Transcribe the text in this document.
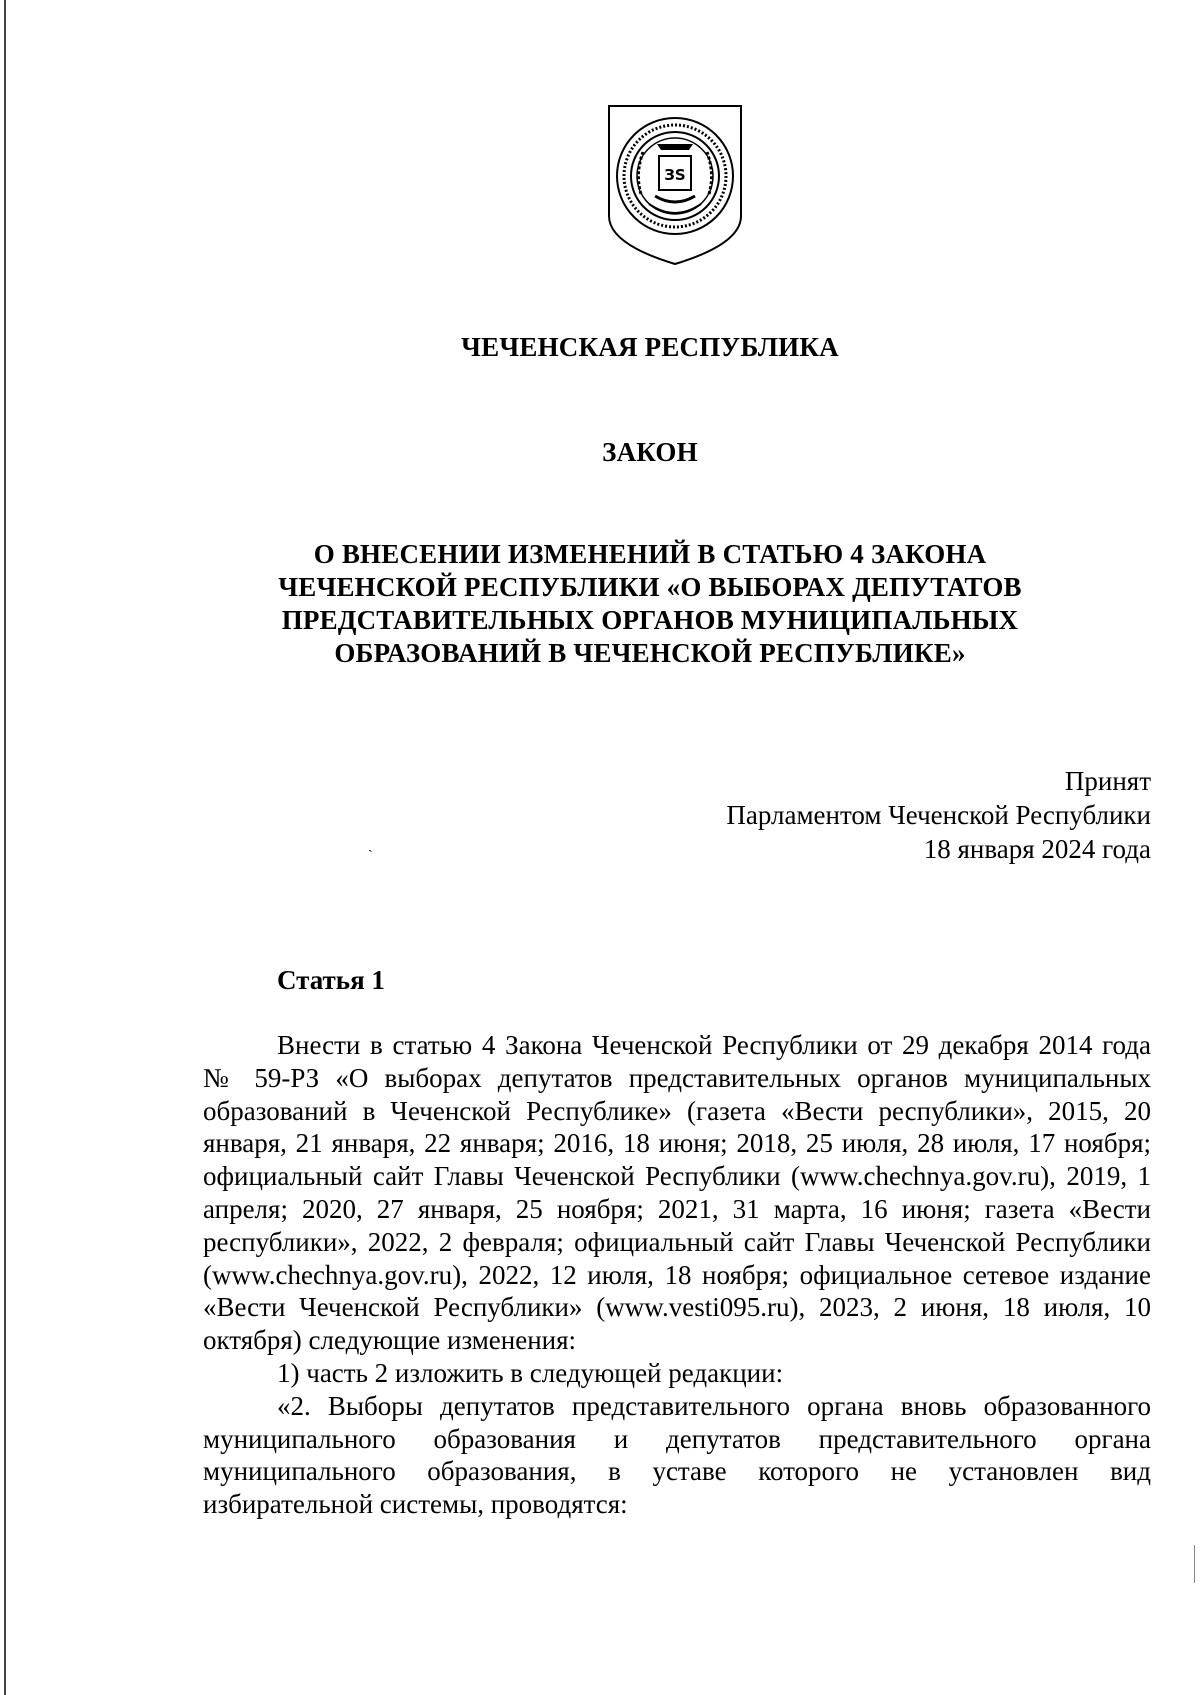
ЗS
ЧЕЧЕНСКАЯ РЕСПУБЛИКА
ЗАКОН
О ВНЕСЕНИИ ИЗМЕНЕНИЙ В СТАТЬЮ 4 ЗАКОНА
ЧЕЧЕНСКОЙ РЕСПУБЛИКИ «О ВЫБОРАХ ДЕПУТАТОВ
ПРЕДСТАВИТЕЛЬНЫХ ОРГАНОВ МУНИЦИПАЛЬНЫХ
ОБРАЗОВАНИЙ В ЧЕЧЕНСКОЙ РЕСПУБЛИКЕ»
Принят
Парламентом Чеченской Республики
18 января 2024 года
ˎ
Статья 1

Внести в статью 4 Закона Чеченской Республики от 29 декабря 2014 года № 59-РЗ «О выборах депутатов представительных органов муниципальных образований в Чеченской Республике» (газета «Вести республики», 2015, 20 января, 21 января, 22 января; 2016, 18 июня; 2018, 25 июля, 28 июля, 17 ноября; официальный сайт Главы Чеченской Республики (www.chechnya.gov.ru), 2019, 1 апреля; 2020, 27 января, 25 ноября; 2021, 31 марта, 16 июня; газета «Вести республики», 2022, 2 февраля; официальный сайт Главы Чеченской Республики (www.chechnya.gov.ru), 2022, 12 июля, 18 ноября; официальное сетевое издание «Вести Чеченской Республики» (www.vesti095.ru), 2023, 2 июня, 18 июля, 10 октября) следующие изменения:

1) часть 2 изложить в следующей редакции:

«2. Выборы депутатов представительного органа вновь образованного муниципального образования и депутатов представительного органа муниципального образования, в уставе которого не установлен вид избирательной системы, проводятся:
